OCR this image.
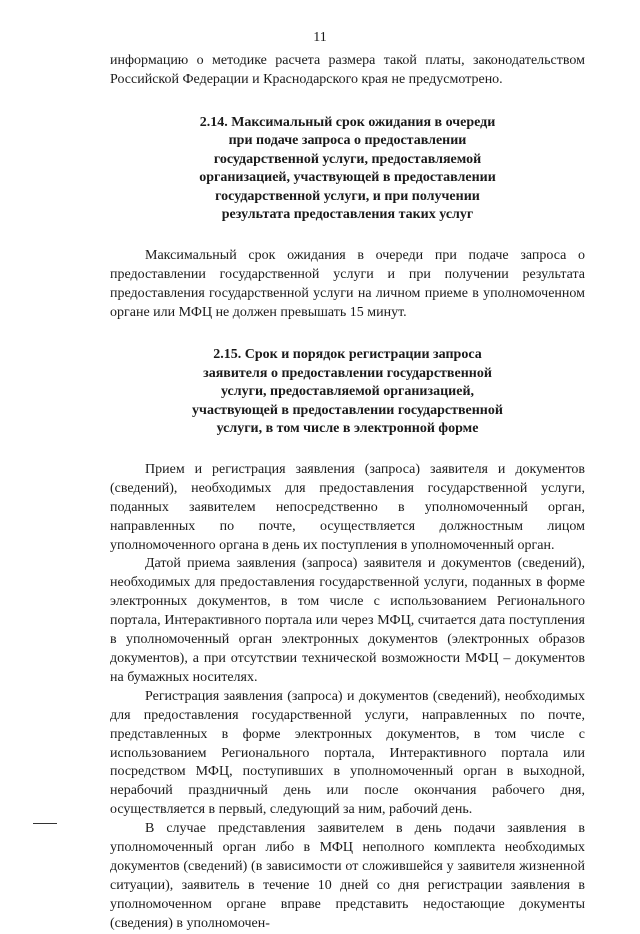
11

информацию о методике расчета размера такой платы, законодательством Российской Федерации и Краснодарского края не предусмотрено.

2.14. Максимальный срок ожидания в очереди
при подаче запроса о предоставлении
государственной услуги, предоставляемой
организацией, участвующей в предоставлении
государственной услуги, и при получении
результата предоставления таких услуг

Максимальный срок ожидания в очереди при подаче запроса о предоставлении государственной услуги и при получении результата предоставления государственной услуги на личном приеме в уполномоченном органе или МФЦ не должен превышать 15 минут.

2.15. Срок и порядок регистрации запроса
заявителя о предоставлении государственной
услуги, предоставляемой организацией,
участвующей в предоставлении государственной
услуги, в том числе в электронной форме

Прием и регистрация заявления (запроса) заявителя и документов (сведений), необходимых для предоставления государственной услуги, поданных заявителем непосредственно в уполномоченный орган, направленных по почте, осуществляется должностным лицом уполномоченного органа в день их поступления в уполномоченный орган.

Датой приема заявления (запроса) заявителя и документов (сведений), необходимых для предоставления государственной услуги, поданных в форме электронных документов, в том числе с использованием Регионального портала, Интерактивного портала или через МФЦ, считается дата поступления в уполномоченный орган электронных документов (электронных образов документов), а при отсутствии технической возможности МФЦ – документов на бумажных носителях.

Регистрация заявления (запроса) и документов (сведений), необходимых для предоставления государственной услуги, направленных по почте, представленных в форме электронных документов, в том числе с использованием Регионального портала, Интерактивного портала или посредством МФЦ, поступивших в уполномоченный орган в выходной, нерабочий праздничный день или после окончания рабочего дня, осуществляется в первый, следующий за ним, рабочий день.

В случае представления заявителем в день подачи заявления в уполномоченный орган либо в МФЦ неполного комплекта необходимых документов (сведений) (в зависимости от сложившейся у заявителя жизненной ситуации), заявитель в течение 10 дней со дня регистрации заявления в уполномоченном органе вправе представить недостающие документы (сведения) в уполномочен-
